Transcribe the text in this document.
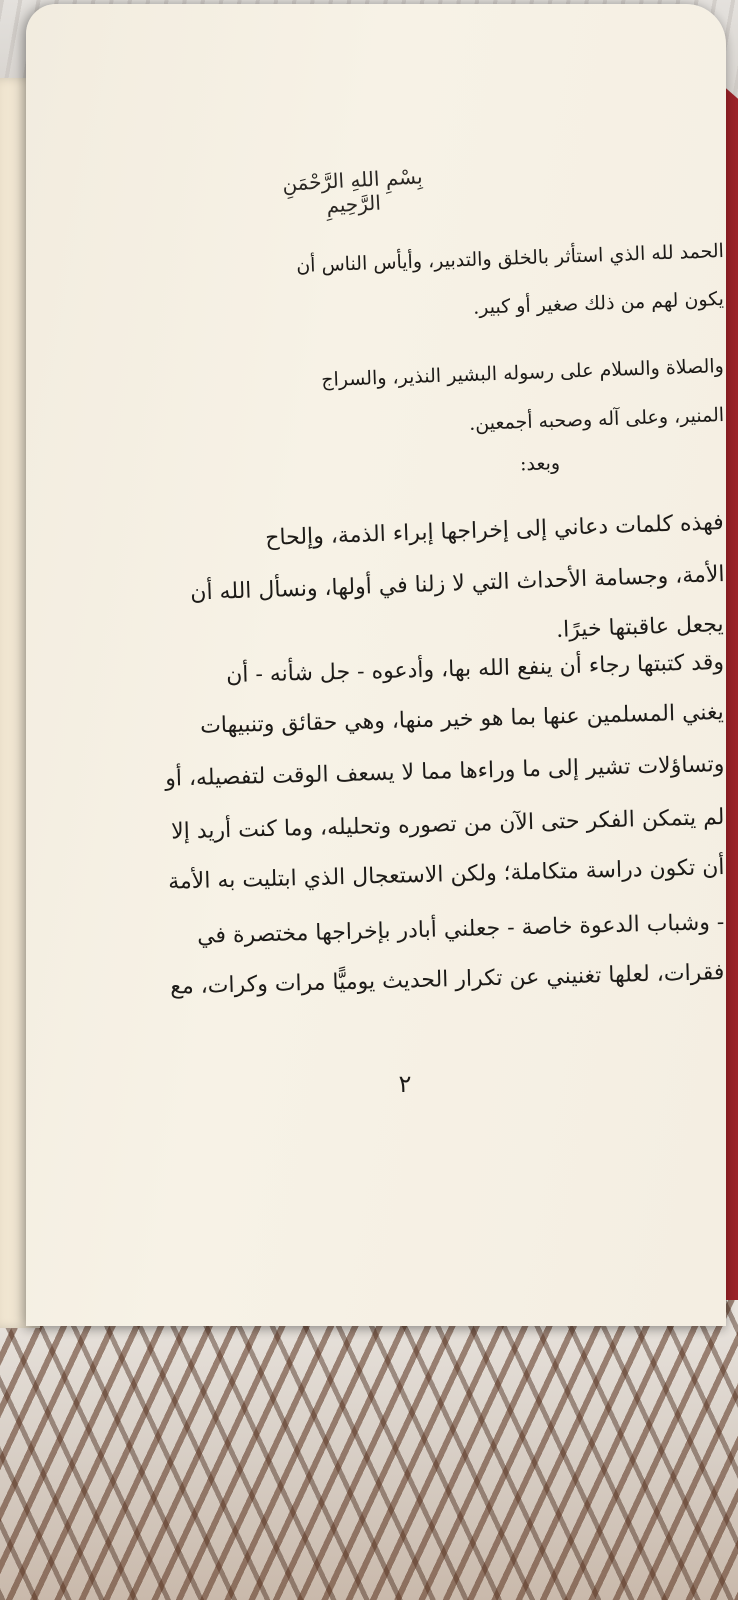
بِسْمِ اللهِ الرَّحْمَنِ الرَّحِيمِ
الحمد لله الذي استأثر بالخلق والتدبير، وأيأس الناس أن
يكون لهم من ذلك صغير أو كبير.
والصلاة والسلام على رسوله البشير النذير، والسراج
المنير، وعلى آله وصحبه أجمعين.
وبعد:
فهذه كلمات دعاني إلى إخراجها إبراء الذمة، وإلحاح
الأمة، وجسامة الأحداث التي لا زلنا في أولها، ونسأل الله أن
يجعل عاقبتها خيرًا.
وقد كتبتها رجاء أن ينفع الله بها، وأدعوه - جل شأنه - أن
يغني المسلمين عنها بما هو خير منها، وهي حقائق وتنبيهات
وتساؤلات تشير إلى ما وراءها مما لا يسعف الوقت لتفصيله، أو
لم يتمكن الفكر حتى الآن من تصوره وتحليله، وما كنت أريد إلا
أن تكون دراسة متكاملة؛ ولكن الاستعجال الذي ابتليت به الأمة
- وشباب الدعوة خاصة - جعلني أبادر بإخراجها مختصرة في
فقرات، لعلها تغنيني عن تكرار الحديث يوميًّا مرات وكرات، مع
٢
